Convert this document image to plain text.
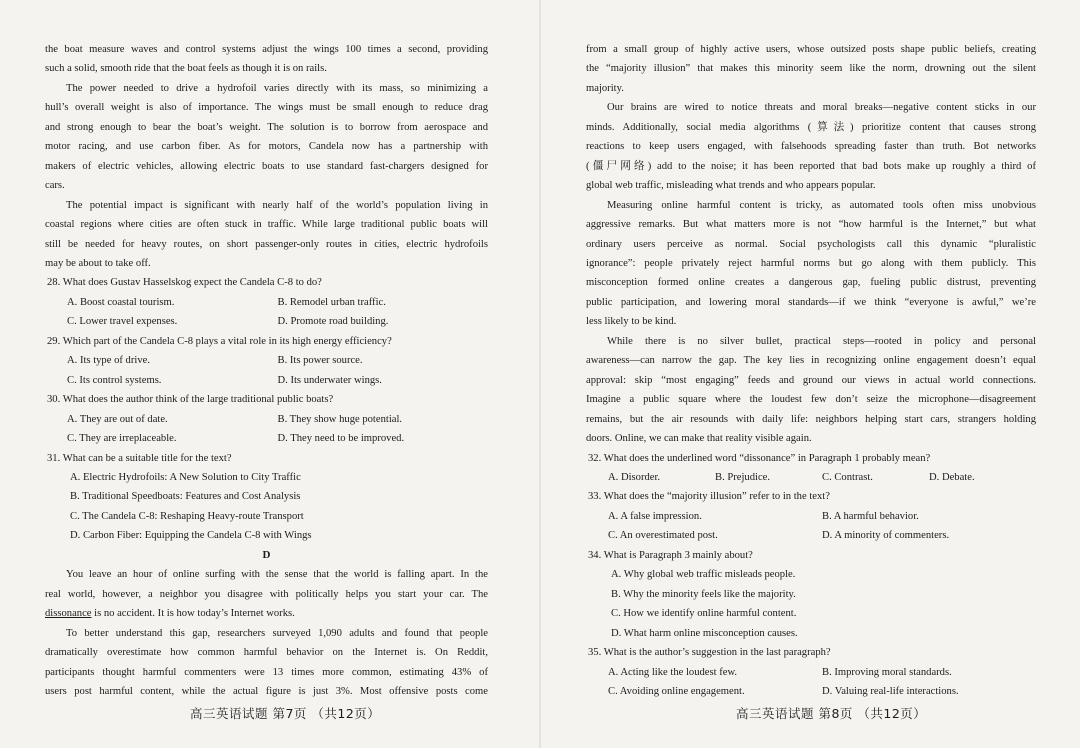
the boat measure waves and control systems adjust the wings 100 times a second, providing
such a solid, smooth ride that the boat feels as though it is on rails.
The power needed to drive a hydrofoil varies directly with its mass, so minimizing a
hull’s overall weight is also of importance. The wings must be small enough to reduce drag
and strong enough to bear the boat’s weight. The solution is to borrow from aerospace and
motor racing, and use carbon fiber. As for motors, Candela now has a partnership with
makers of electric vehicles, allowing electric boats to use standard fast-chargers designed for
cars.
The potential impact is significant with nearly half of the world’s population living in
coastal regions where cities are often stuck in traffic. While large traditional public boats will
still be needed for heavy routes, on short passenger-only routes in cities, electric hydrofoils
may be about to take off.
28. What does Gustav Hasselskog expect the Candela C-8 to do?
A. Boost coastal tourism.	B. Remodel urban traffic.
C. Lower travel expenses.	D. Promote road building.
29. Which part of the Candela C-8 plays a vital role in its high energy efficiency?
A. Its type of drive.	B. Its power source.
C. Its control systems.	D. Its underwater wings.
30. What does the author think of the large traditional public boats?
A. They are out of date.	B. They show huge potential.
C. They are irreplaceable.	D. They need to be improved.
31. What can be a suitable title for the text?
A. Electric Hydrofoils: A New Solution to City Traffic
B. Traditional Speedboats: Features and Cost Analysis
C. The Candela C-8: Reshaping Heavy-route Transport
D. Carbon Fiber: Equipping the Candela C-8 with Wings
D
You leave an hour of online surfing with the sense that the world is falling apart. In the
real world, however, a neighbor you disagree with politically helps you start your car. The
dissonance is no accident. It is how today’s Internet works.
To better understand this gap, researchers surveyed 1,090 adults and found that people
dramatically overestimate how common harmful behavior on the Internet is. On Reddit,
participants thought harmful commenters were 13 times more common, estimating 43% of
users post harmful content, while the actual figure is just 3%. Most offensive posts come
高三英语试题 第7页 （共12页）
from a small group of highly active users, whose outsized posts shape public beliefs, creating
the “majority illusion” that makes this minority seem like the norm, drowning out the silent
majority.
Our brains are wired to notice threats and moral breaks—negative content sticks in our
minds. Additionally, social media algorithms (算法) prioritize content that causes strong
reactions to keep users engaged, with falsehoods spreading faster than truth. Bot networks
(僵尸网络) add to the noise; it has been reported that bad bots make up roughly a third of
global web traffic, misleading what trends and who appears popular.
Measuring online harmful content is tricky, as automated tools often miss unobvious
aggressive remarks. But what matters more is not “how harmful is the Internet,” but what
ordinary users perceive as normal. Social psychologists call this dynamic “pluralistic
ignorance”: people privately reject harmful norms but go along with them publicly. This
misconception formed online creates a dangerous gap, fueling public distrust, preventing
public participation, and lowering moral standards—if we think “everyone is awful,” we’re
less likely to be kind.
While there is no silver bullet, practical steps—rooted in policy and personal
awareness—can narrow the gap. The key lies in recognizing online engagement doesn’t equal
approval: skip “most engaging” feeds and ground our views in actual world connections.
Imagine a public square where the loudest few don’t seize the microphone—disagreement
remains, but the air resounds with daily life: neighbors helping start cars, strangers holding
doors. Online, we can make that reality visible again.
32. What does the underlined word “dissonance” in Paragraph 1 probably mean?
A. Disorder.	B. Prejudice.	C. Contrast.	D. Debate.
33. What does the “majority illusion” refer to in the text?
A. A false impression.	B. A harmful behavior.
C. An overestimated post.	D. A minority of commenters.
34. What is Paragraph 3 mainly about?
A. Why global web traffic misleads people.
B. Why the minority feels like the majority.
C. How we identify online harmful content.
D. What harm online misconception causes.
35. What is the author’s suggestion in the last paragraph?
A. Acting like the loudest few.	B. Improving moral standards.
C. Avoiding online engagement.	D. Valuing real-life interactions.
高三英语试题 第8页 （共12页）
